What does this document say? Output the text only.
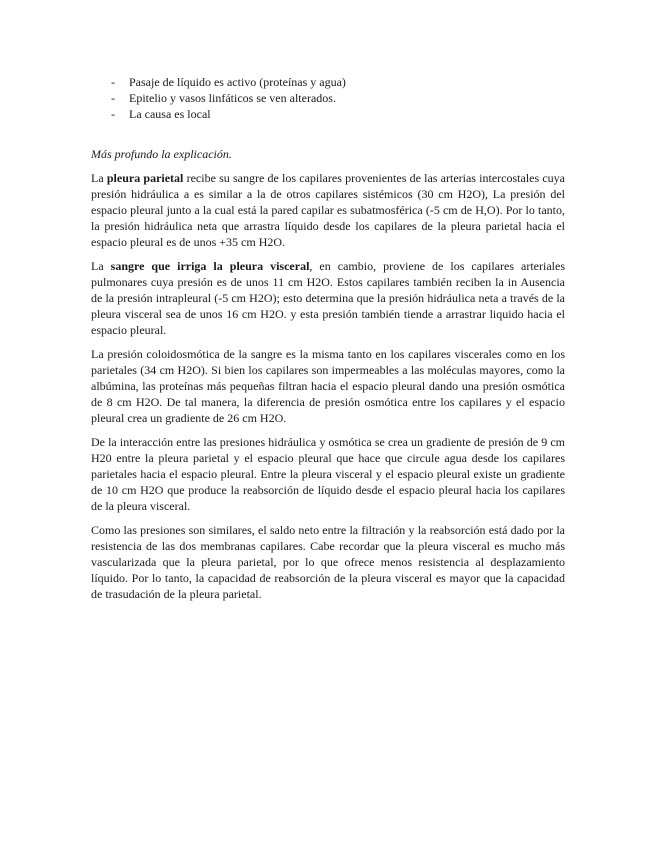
- Pasaje de líquido es activo (proteínas y agua)
- Epitelio y vasos linfáticos se ven alterados.
- La causa es local

Más profundo la explicación.

La pleura parietal recibe su sangre de los capilares provenientes de las arterias intercostales cuya presión hidráulica a es similar a la de otros capilares sistémicos (30 cm H2O), La presión del espacio pleural junto a la cual está la pared capilar es subatmosférica (-5 cm de H,O). Por lo tanto, la presión hidráulica neta que arrastra líquido desde los capilares de la pleura parietal hacia el espacio pleural es de unos +35 cm H2O.

La sangre que irriga la pleura visceral, en cambio, proviene de los capilares arteriales pulmonares cuya presión es de unos 11 cm H2O. Estos capilares también reciben la in Ausencia de la presión intrapleural (-5 cm H2O); esto determina que la presión hidráulica neta a través de la pleura visceral sea de unos 16 cm H2O. y esta presión también tiende a arrastrar liquido hacia el espacio pleural.

La presión coloidosmótica de la sangre es la misma tanto en los capilares viscerales como en los parietales (34 cm H2O). Si bien los capilares son impermeables a las moléculas mayores, como la albúmina, las proteínas más pequeñas filtran hacia el espacio pleural dando una presión osmótica de 8 cm H2O. De tal manera, la diferencia de presión osmótica entre los capilares y el espacio pleural crea un gradiente de 26 cm H2O.

De la interacción entre las presiones hidráulica y osmótica se crea un gradiente de presión de 9 cm H20 entre la pleura parietal y el espacio pleural que hace que circule agua desde los capilares parietales hacia el espacio pleural. Entre la pleura visceral y el espacio pleural existe un gradiente de 10 cm H2O que produce la reabsorción de líquido desde el espacio pleural hacia los capilares de la pleura visceral.

Como las presiones son similares, el saldo neto entre la filtración y la reabsorción está dado por la resistencia de las dos membranas capilares. Cabe recordar que la pleura visceral es mucho más vascularizada que la pleura parietal, por lo que ofrece menos resistencia al desplazamiento líquido. Por lo tanto, la capacidad de reabsorción de la pleura visceral es mayor que la capacidad de trasudación de la pleura parietal.
